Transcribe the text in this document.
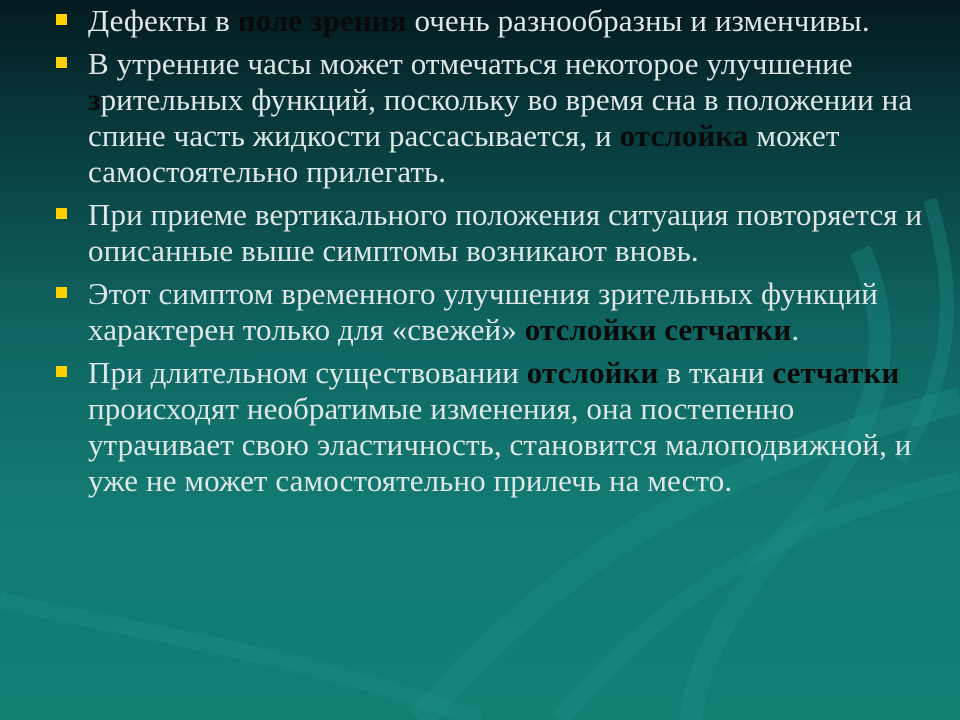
Дефекты в поле зрения очень разнообразны и изменчивы.
В утренние часы может отмечаться некоторое улучшение зрительных функций, поскольку во время сна в положении на спине часть жидкости рассасывается, и отслойка может самостоятельно прилегать.
При приеме вертикального положения ситуация повторяется и описанные выше симптомы возникают вновь.
Этот симптом временного улучшения зрительных функций характерен только для «свежей» отслойки сетчатки.
При длительном существовании отслойки в ткани сетчатки происходят необратимые изменения, она постепенно утрачивает свою эластичность, становится малоподвижной, и уже не может самостоятельно прилечь на место.
